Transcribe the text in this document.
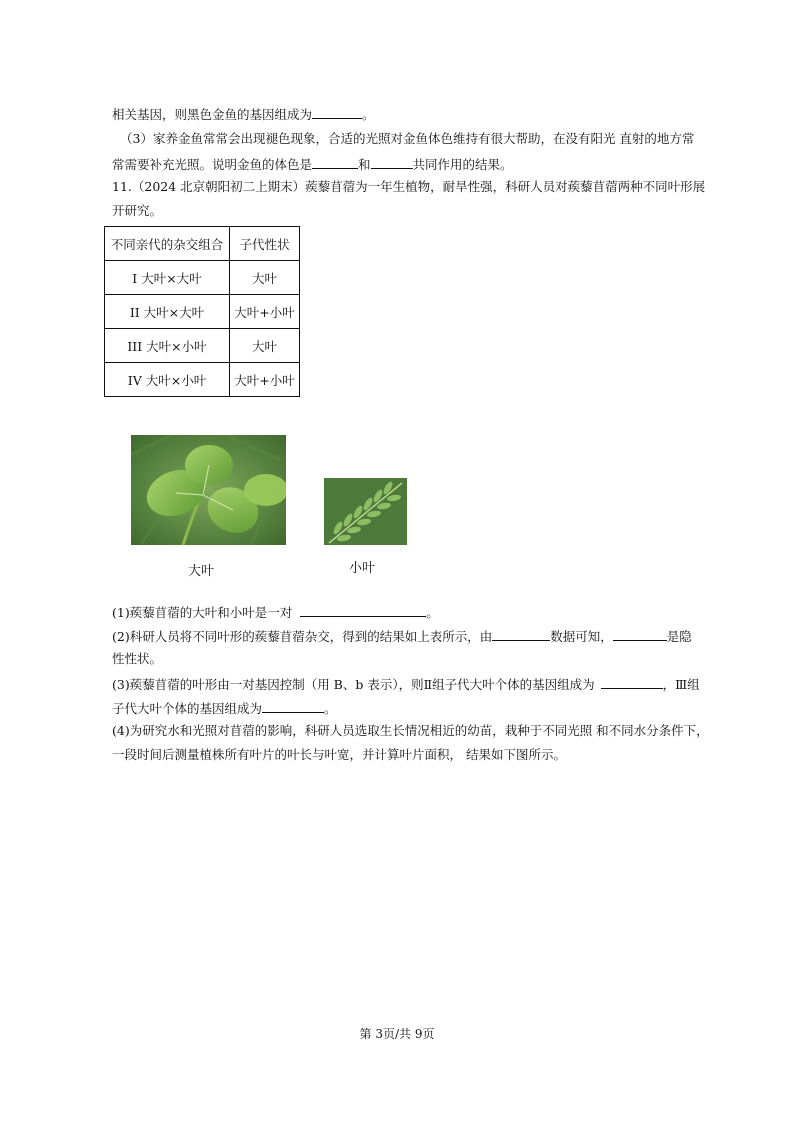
相关基因，则黑色金鱼的基因组成为	。
（3）家养金鱼常常会出现褪色现象，合适的光照对金鱼体色维持有很大帮助，在没有阳光 直射的地方常
常需要补充光照。说明金鱼的体色是	和	共同作用的结果。
11.（2024 北京朝阳初二上期末）蒺藜苜蓿为一年生植物，耐旱性强，科研人员对蒺藜苜蓿两种不同叶形展
开研究。
不同亲代的杂交组合	子代性状
I 大叶×大叶	大叶
II 大叶×大叶	大叶+小叶
III 大叶×小叶	大叶
IV 大叶×小叶	大叶+小叶
大叶	小叶
(1)蒺藜苜蓿的大叶和小叶是一对	。
(2)科研人员将不同叶形的蒺藜苜蓿杂交，得到的结果如上表所示，由	数据可知，	是隐
性性状。
(3)蒺藜苜蓿的叶形由一对基因控制（用 B、b 表示），则Ⅱ组子代大叶个体的基因组成为	，Ⅲ组
子代大叶个体的基因组成为	。
(4)为研究水和光照对苜蓿的影响，科研人员选取生长情况相近的幼苗，栽种于不同光照 和不同水分条件下，
一段时间后测量植株所有叶片的叶长与叶宽，并计算叶片面积， 结果如下图所示。
第 3页/共 9页
